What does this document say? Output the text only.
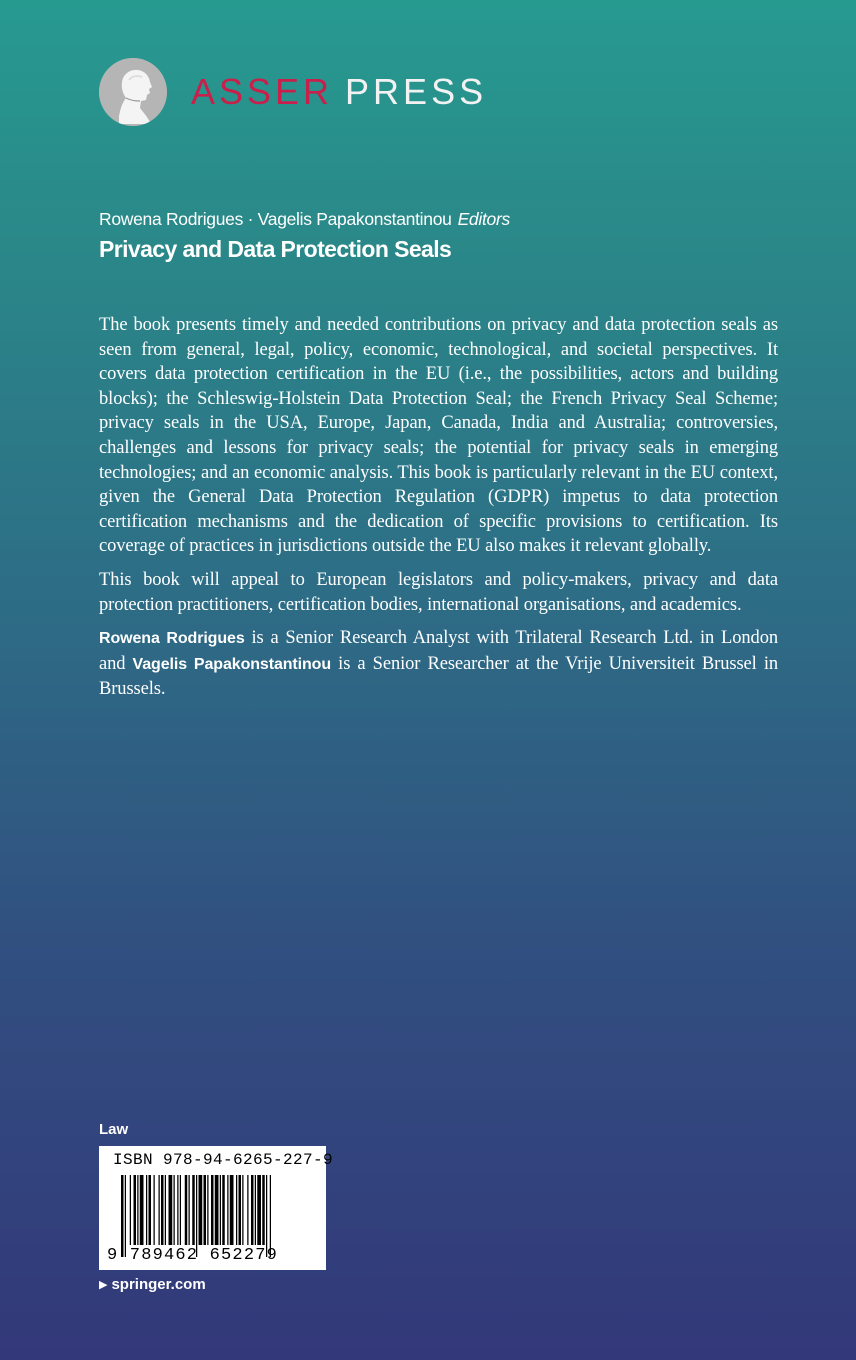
ASSER PRESS
Rowena Rodrigues · Vagelis Papakonstantinou Editors
Privacy and Data Protection Seals

The book presents timely and needed contributions on privacy and data protection seals as seen from general, legal, policy, economic, technological, and societal perspectives. It covers data protection certification in the EU (i.e., the possibilities, actors and building blocks); the Schleswig-Holstein Data Protection Seal; the French Privacy Seal Scheme; privacy seals in the USA, Europe, Japan, Canada, India and Australia; controversies, challenges and lessons for privacy seals; the potential for privacy seals in emerging technologies; and an economic analysis. This book is particularly relevant in the EU context, given the General Data Protection Regulation (GDPR) impetus to data protection certification mechanisms and the dedication of specific provisions to certification. Its coverage of practices in jurisdictions outside the EU also makes it relevant globally.

This book will appeal to European legislators and policy-makers, privacy and data protection practitioners, certification bodies, international organisations, and academics.

Rowena Rodrigues is a Senior Research Analyst with Trilateral Research Ltd. in London and Vagelis Papakonstantinou is a Senior Researcher at the Vrije Universiteit Brussel in Brussels.

Law
ISBN 978-94-6265-227-9
9 789462 652279
▶ springer.com
